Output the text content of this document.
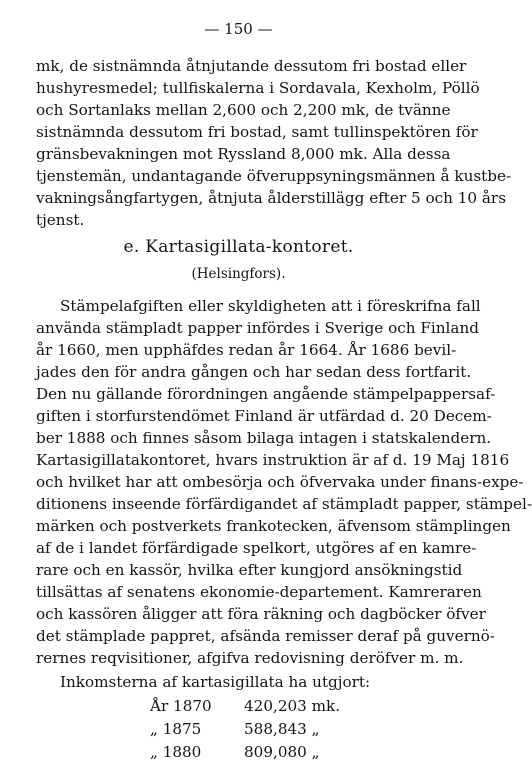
— 150 —
mk, de sistnämnda åtnjutande dessutom fri bostad eller
hushyresmedel; tullfiskalerna i Sordavala, Kexholm, Pöllö
och Sortanlaks mellan 2,600 och 2,200 mk, de tvänne
sistnämnda dessutom fri bostad, samt tullinspektören för
gränsbevakningen mot Ryssland 8,000 mk. Alla dessa
tjenstemän, undantagande öfveruppsyningsmännen å kustbe-
vakningsångfartygen, åtnjuta ålderstillägg efter 5 och 10 års
tjenst.
e. Kartasigillata-kontoret.
(Helsingfors).
Stämpelafgiften eller skyldigheten att i föreskrifna fall
använda stämpladt papper infördes i Sverige och Finland
år 1660, men upphäfdes redan år 1664. År 1686 bevil-
jades den för andra gången och har sedan dess fortfarit.
Den nu gällande förordningen angående stämpelpappersaf-
giften i storfurstendömet Finland är utfärdad d. 20 Decem-
ber 1888 och finnes såsom bilaga intagen i statskalendern.
Kartasigillatakontoret, hvars instruktion är af d. 19 Maj 1816
och hvilket har att ombesörja och öfvervaka under finans-expe-
ditionens inseende förfärdigandet af stämpladt papper, stämpel-
märken och postverkets frankotecken, äfvensom stämplingen
af de i landet förfärdigade spelkort, utgöres af en kamre-
rare och en kassör, hvilka efter kungjord ansökningstid
tillsättas af senatens ekonomie-departement. Kamreraren
och kassören åligger att föra räkning och dagböcker öfver
det stämplade pappret, afsända remisser deraf på guvernö-
rernes reqvisitioner, afgifva redovisning deröfver m. m.
Inkomsterna af kartasigillata ha utgjort:
År 1870 420,203 mk.
„ 1875	588,843 „
„ 1880	809,080 „
